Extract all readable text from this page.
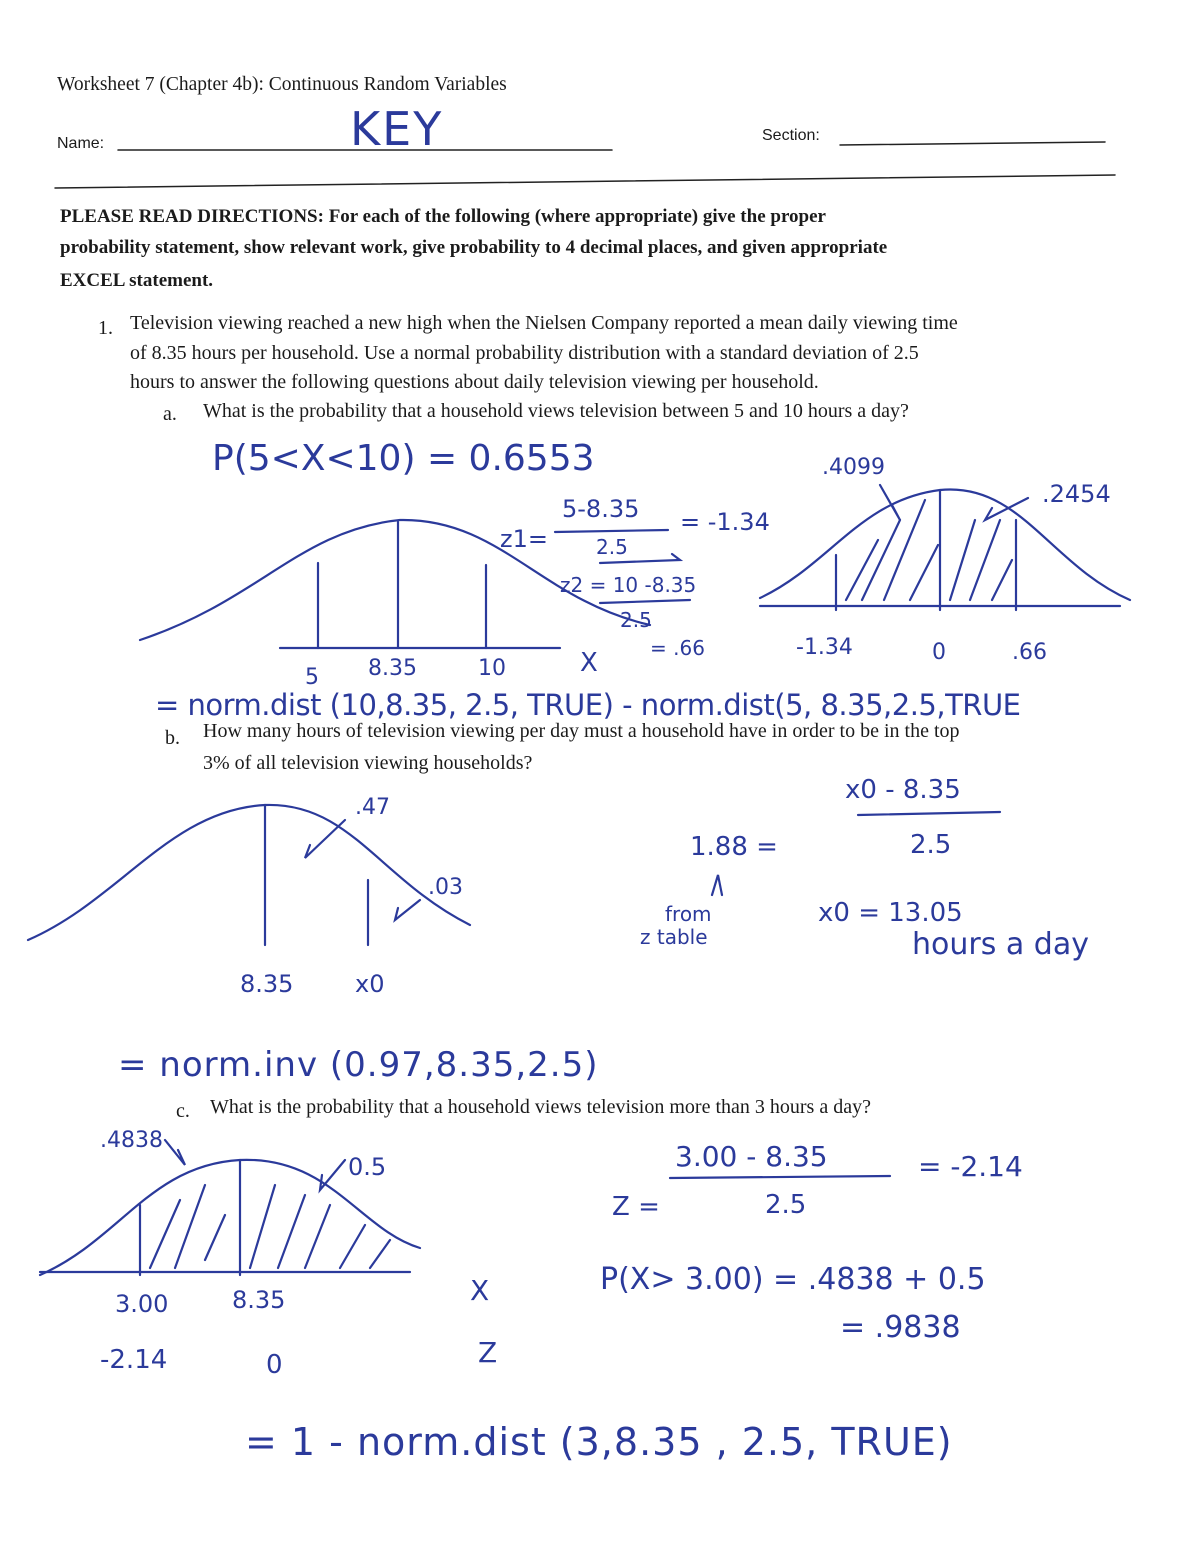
Worksheet 7 (Chapter 4b): Continuous Random Variables
Name:	KEY	Section:
PLEASE READ DIRECTIONS: For each of the following (where appropriate) give the proper
probability statement, show relevant work, give probability to 4 decimal places, and given appropriate
EXCEL statement.
1. Television viewing reached a new high when the Nielsen Company reported a mean daily viewing time
of 8.35 hours per household. Use a normal probability distribution with a standard deviation of 2.5
hours to answer the following questions about daily television viewing per household.
a. What is the probability that a household views television between 5 and 10 hours a day?
P(5<X<10) = 0.6553	.4099
.2454
z1=
5-8.35
2.5
= -1.34
z2 = 10 -8.35
2.5
= .66
5 8.35	10	X
-1.34	0	.66
= norm.dist (10,8.35, 2.5, TRUE) - norm.dist(5, 8.35,2.5,TRUE
b. How many hours of television viewing per day must a household have in order to be in the top
3% of all television viewing households?
.47
.03
8.35	x0
1.88 =
from
z table
x0 - 8.35
2.5
x0 = 13.05
hours a day
= norm.inv (0.97,8.35,2.5)
c. What is the probability that a household views television more than 3 hours a day?
.4838
0.5
3.00	8.35	X
-2.14	0	Z
Z =
3.00 - 8.35
2.5
= -2.14
P(X> 3.00) = .4838 + 0.5
= .9838
= 1 - norm.dist (3,8.35 , 2.5, TRUE)
